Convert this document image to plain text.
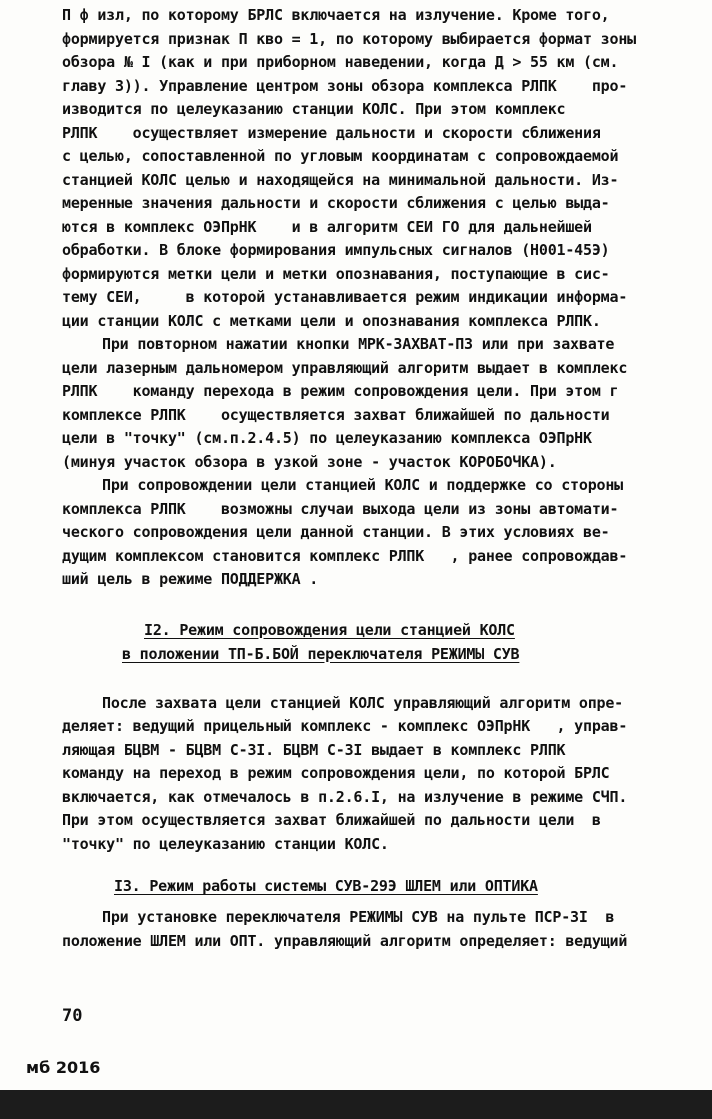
П ф изл, по которому БРЛС включается на излучение. Кроме того,
формируется признак П кво = 1, по которому выбирается формат зоны
обзора № I (как и при приборном наведении, когда Д > 55 км (см.
главу 3)). Управление центром зоны обзора комплекса РЛПК    про-
изводится по целеуказанию станции КОЛС. При этом комплекс
РЛПК    осуществляет измерение дальности и скорости сближения
с целью, сопоставленной по угловым координатам с сопровождаемой
станцией КОЛС целью и находящейся на минимальной дальности. Из-
меренные значения дальности и скорости сближения с целью выда-
ются в комплекс ОЭПрНК    и в алгоритм СЕИ ГО для дальнейшей
обработки. В блоке формирования импульсных сигналов (Н001-45Э)
формируются метки цели и метки опознавания, поступающие в сис-
тему СЕИ,     в которой устанавливается режим индикации информа-
ции станции КОЛС с метками цели и опознавания комплекса РЛПК.
При повторном нажатии кнопки МРК-ЗАХВАТ-ПЗ или при захвате
цели лазерным дальномером управляющий алгоритм выдает в комплекс
РЛПК    команду перехода в режим сопровождения цели. При этом г
комплексе РЛПК    осуществляется захват ближайшей по дальности
цели в "точку" (см.п.2.4.5) по целеуказанию комплекса ОЭПрНК
(минуя участок обзора в узкой зоне - участок КОРОБОЧКА).
При сопровождении цели станцией КОЛС и поддержке со стороны
комплекса РЛПК    возможны случаи выхода цели из зоны автомати-
ческого сопровождения цели данной станции. В этих условиях ве-
дущим комплексом становится комплекс РЛПК   , ранее сопровождав-
ший цель в режиме ПОДДЕРЖКА .
I2. Режим сопровождения цели станцией КОЛС
в положении ТП-Б.БОЙ переключателя РЕЖИМЫ СУВ
После захвата цели станцией КОЛС управляющий алгоритм опре-
деляет: ведущий прицельный комплекс - комплекс ОЭПрНК   , управ-
ляющая БЦВМ - БЦВМ С-3I. БЦВМ С-3I выдает в комплекс РЛПК
команду на переход в режим сопровождения цели, по которой БРЛС
включается, как отмечалось в п.2.6.I, на излучение в режиме СЧП.
При этом осуществляется захват ближайшей по дальности цели  в
"точку" по целеуказанию станции КОЛС.
I3. Режим работы системы СУВ-29Э ШЛЕМ или ОПТИКА
При установке переключателя РЕЖИМЫ СУВ на пульте ПСР-3I  в
положение ШЛЕМ или ОПТ. управляющий алгоритм определяет: ведущий
70
мб 2016
